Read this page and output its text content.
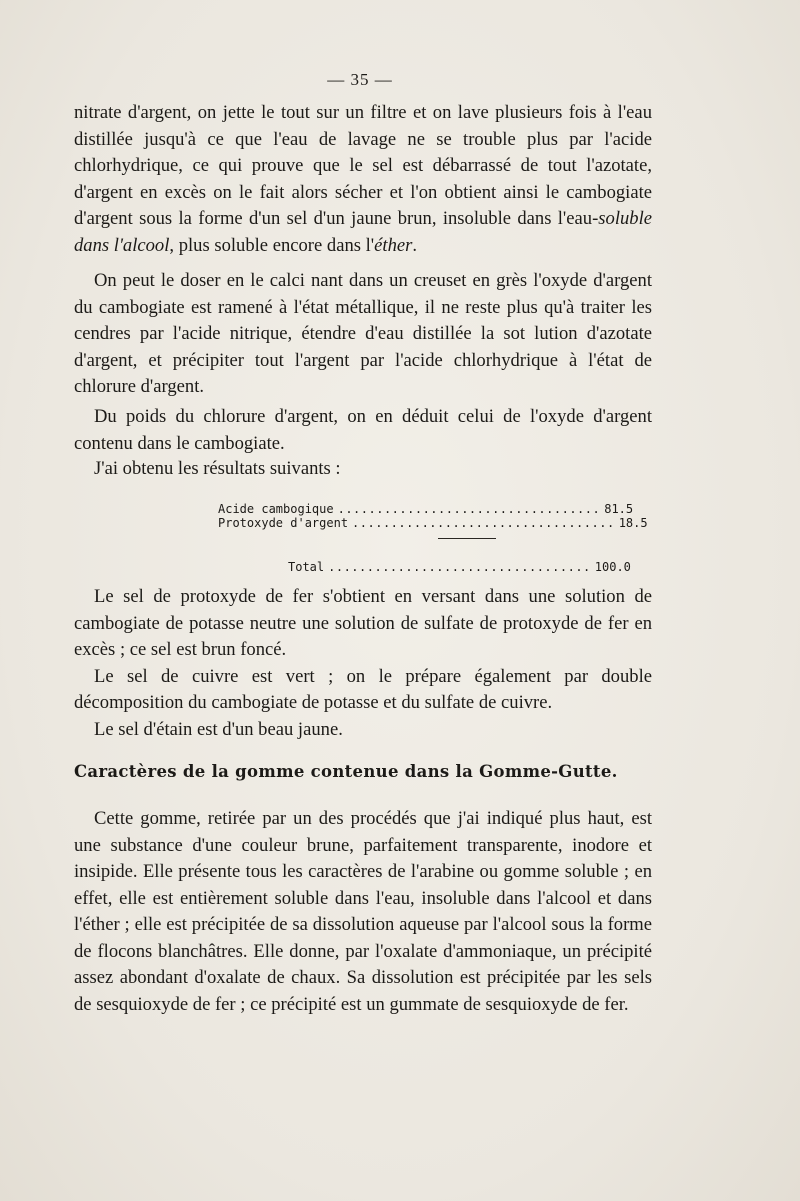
— 35 —

nitrate d'argent, on jette le tout sur un filtre et on lave plusieurs fois à l'eau distillée jusqu'à ce que l'eau de lavage ne se trouble plus par l'acide chlorhydrique, ce qui prouve que le sel est débarrassé de tout l'azotate, d'argent en excès on le fait alors sécher et l'on obtient ainsi le cambogiate d'argent sous la forme d'un sel d'un jaune brun, insoluble dans l'eau-soluble dans l'alcool, plus soluble encore dans l'éther.

On peut le doser en le calci nant dans un creuset en grès l'oxyde d'argent du cambogiate est ramené à l'état métallique, il ne reste plus qu'à traiter les cendres par l'acide nitrique, étendre d'eau distillée la sot lution d'azotate d'argent, et précipiter tout l'argent par l'acide chlorhydrique à l'état de chlorure d'argent.

Du poids du chlorure d'argent, on en déduit celui de l'oxyde d'argent contenu dans le cambogiate.

J'ai obtenu les résultats suivants :

Acide cambogique .................................. 81.5
Protoxyde d'argent .................................. 18.5
Total .................................. 100.0

Le sel de protoxyde de fer s'obtient en versant dans une solution de cambogiate de potasse neutre une solution de sulfate de protoxyde de fer en excès ; ce sel est brun foncé.

Le sel de cuivre est vert ; on le prépare également par double décomposition du cambogiate de potasse et du sulfate de cuivre.

Le sel d'étain est d'un beau jaune.

Caractères de la gomme contenue dans la Gomme-Gutte.

Cette gomme, retirée par un des procédés que j'ai indiqué plus haut, est une substance d'une couleur brune, parfaitement transparente, inodore et insipide. Elle présente tous les caractères de l'arabine ou gomme soluble ; en effet, elle est entièrement soluble dans l'eau, insoluble dans l'alcool et dans l'éther ; elle est précipitée de sa dissolution aqueuse par l'alcool sous la forme de flocons blanchâtres. Elle donne, par l'oxalate d'ammoniaque, un précipité assez abondant d'oxalate de chaux. Sa dissolution est précipitée par les sels de sesquioxyde de fer ; ce précipité est un gummate de sesquioxyde de fer.
